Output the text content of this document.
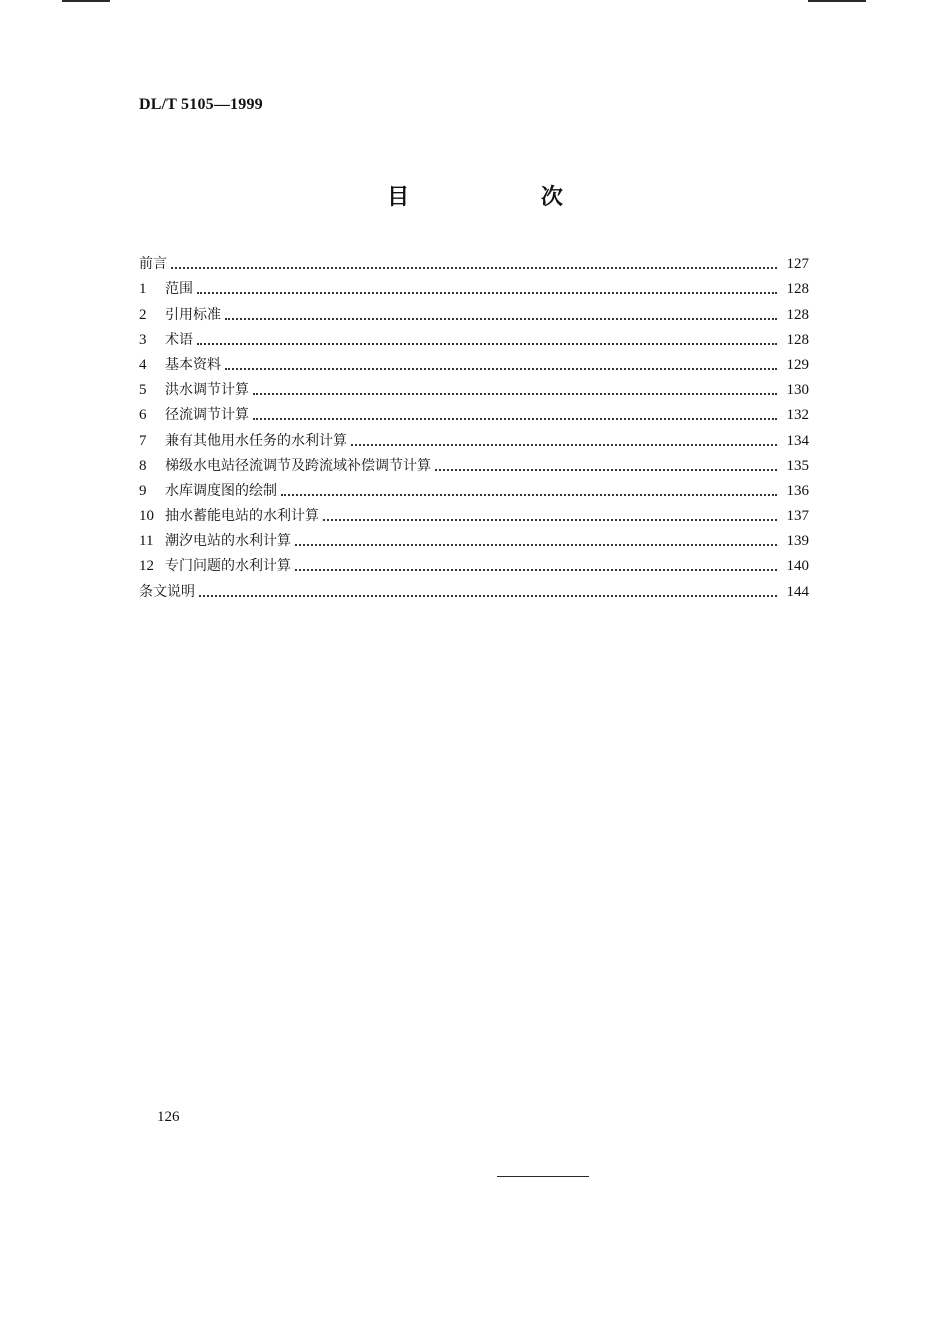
DL/T 5105—1999
目 次
前言	127
1	范围	128
2	引用标准	128
3	术语	128
4	基本资料	129
5	洪水调节计算	130
6	径流调节计算	132
7	兼有其他用水任务的水利计算	134
8	梯级水电站径流调节及跨流域补偿调节计算	135
9	水库调度图的绘制	136
10 抽水蓄能电站的水利计算	137
11 潮汐电站的水利计算	139
12 专门问题的水利计算	140
条文说明	144
126
